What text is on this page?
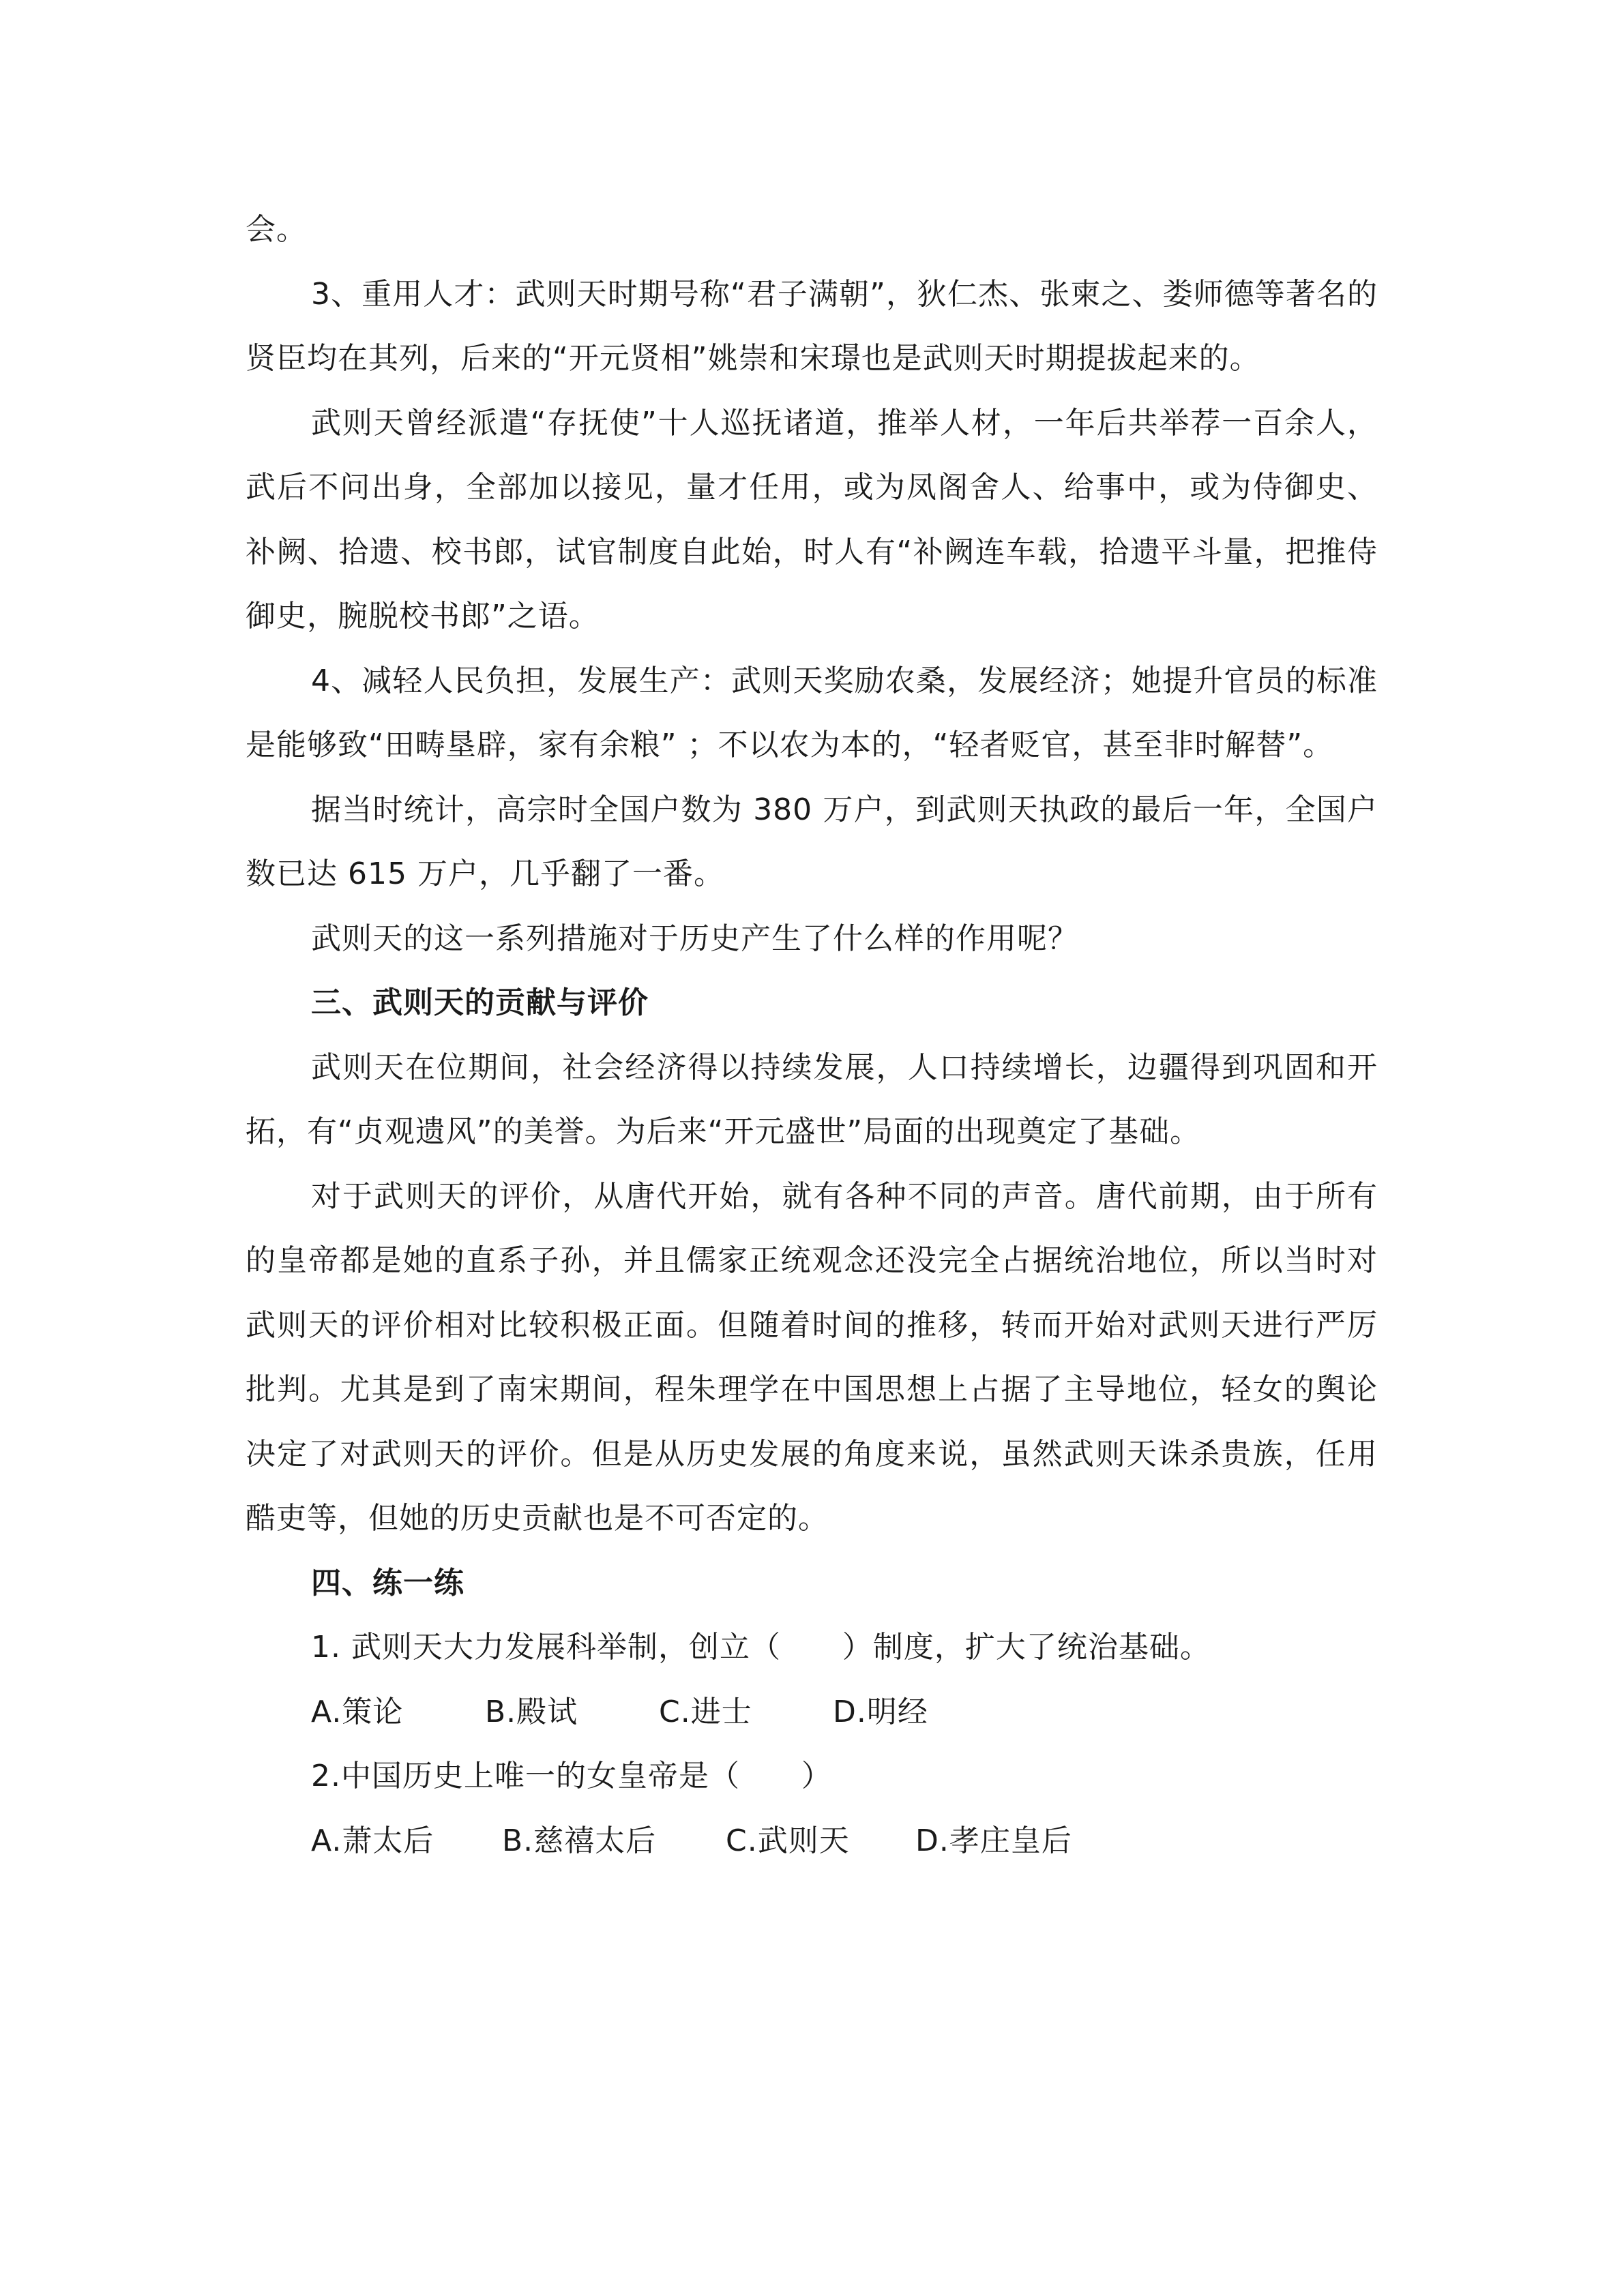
会。

3、重用人才：武则天时期号称“君子满朝”，狄仁杰、张柬之、娄师德等著名的贤臣均在其列，后来的“开元贤相”姚崇和宋璟也是武则天时期提拔起来的。

武则天曾经派遣“存抚使”十人巡抚诸道，推举人材，一年后共举荐一百余人，武后不问出身，全部加以接见，量才任用，或为凤阁舍人、给事中，或为侍御史、补阙、拾遗、校书郎，试官制度自此始，时人有“补阙连车载，拾遗平斗量，把推侍御史，腕脱校书郎”之语。

4、减轻人民负担，发展生产：武则天奖励农桑，发展经济；她提升官员的标准是能够致“田畴垦辟，家有余粮” ；不以农为本的，“轻者贬官，甚至非时解替”。

据当时统计，高宗时全国户数为 380 万户，到武则天执政的最后一年，全国户数已达 615 万户，几乎翻了一番。

武则天的这一系列措施对于历史产生了什么样的作用呢？

三、武则天的贡献与评价

武则天在位期间，社会经济得以持续发展，人口持续增长，边疆得到巩固和开拓，有“贞观遗风”的美誉。为后来“开元盛世”局面的出现奠定了基础。

对于武则天的评价，从唐代开始，就有各种不同的声音。唐代前期，由于所有的皇帝都是她的直系子孙，并且儒家正统观念还没完全占据统治地位，所以当时对武则天的评价相对比较积极正面。但随着时间的推移，转而开始对武则天进行严厉批判。尤其是到了南宋期间，程朱理学在中国思想上占据了主导地位，轻女的舆论决定了对武则天的评价。但是从历史发展的角度来说，虽然武则天诛杀贵族，任用酷吏等，但她的历史贡献也是不可否定的。

四、练一练

1. 武则天大力发展科举制，创立（      ）制度，扩大了统治基础。

A.策论	B.殿试	C.进士	D.明经

2.中国历史上唯一的女皇帝是（      ）

A.萧太后	B.慈禧太后	C.武则天	D.孝庄皇后
